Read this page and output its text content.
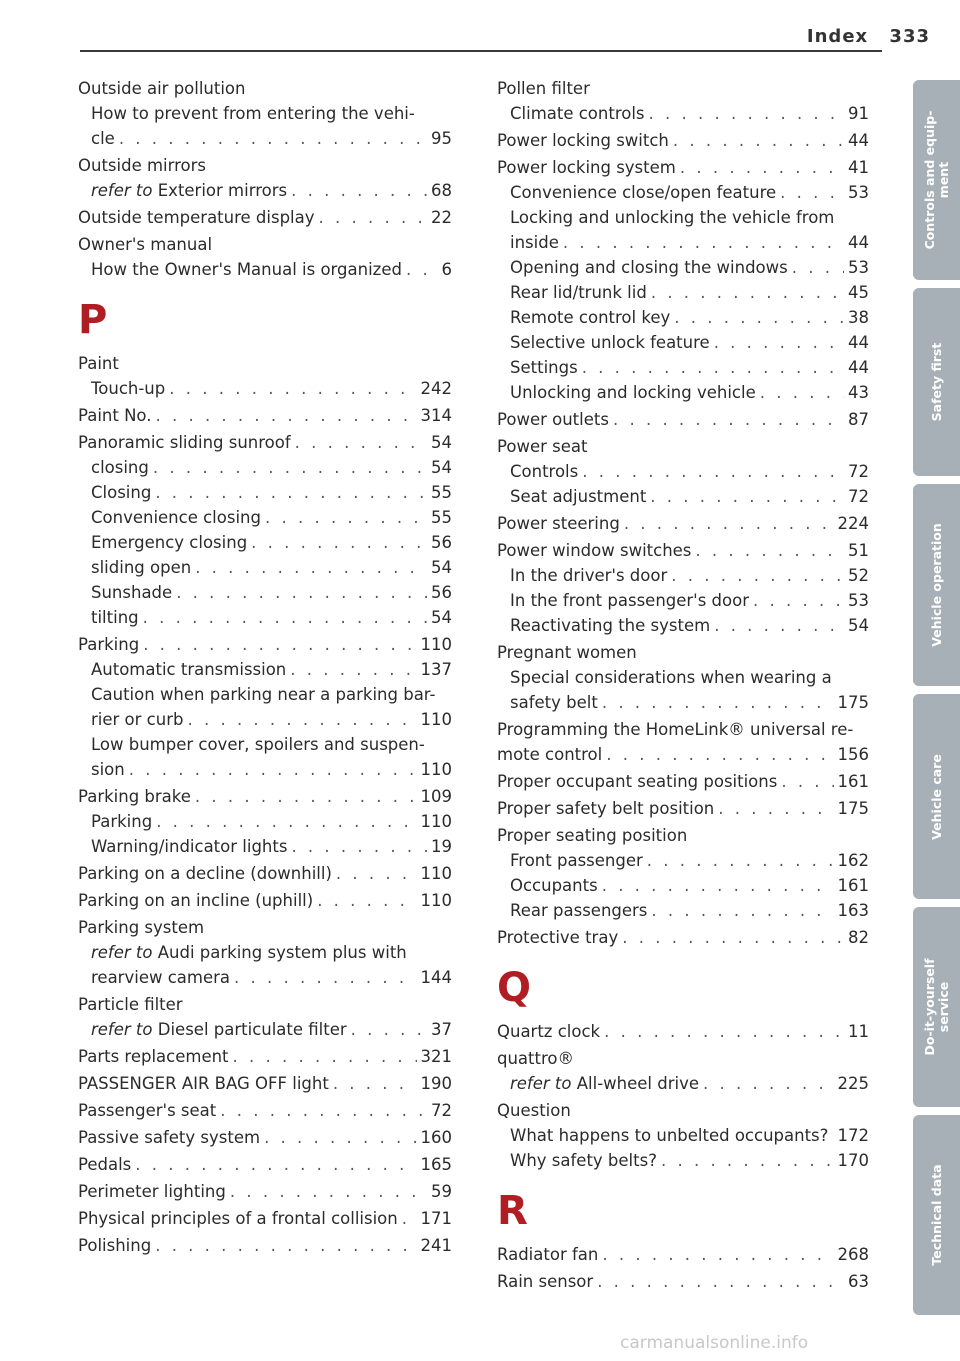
Index 333
Outside air pollution
How to prevent from entering the vehi-
cle . . .	95
Outside mirrors
refer to Exterior mirrors . . .	68
Outside temperature display . . .	22
Owner's manual
How the Owner's Manual is organized . . . 6
P
Paint
Touch-up . . .	242
Paint No. . . .	314
Panoramic sliding sunroof . . .	54
closing . . .	54
Closing . . .	55
Convenience closing . . .	55
Emergency closing . . .	56
sliding open . . .	54
Sunshade . . .	56
tilting . . .	54
Parking . . .	110
Automatic transmission . . .	137
Caution when parking near a parking bar-
rier or curb . . .	110
Low bumper cover, spoilers and suspen-
sion . . .	110
Parking brake . . .	109
Parking . . .	110
Warning/indicator lights . . .	19
Parking on a decline (downhill) . . .	110
Parking on an incline (uphill) . . .	110
Parking system
refer to Audi parking system plus with
rearview camera . . .	144
Particle filter
refer to Diesel particulate filter . . .	37
Parts replacement . . .	321
PASSENGER AIR BAG OFF light . . .	190
Passenger's seat . . .	72
Passive safety system . . .	160
Pedals . . .	165
Perimeter lighting . . .	59
Physical principles of a frontal collision . . . 171
Polishing . . .	241
Pollen filter
Climate controls . . .	91
Power locking switch . . .	44
Power locking system . . .	41
Convenience close/open feature . . .	53
Locking and unlocking the vehicle from
inside . . .	44
Opening and closing the windows . . .	53
Rear lid/trunk lid . . .	45
Remote control key . . .	38
Selective unlock feature . . .	44
Settings . . .	44
Unlocking and locking vehicle . . .	43
Power outlets . . .	87
Power seat
Controls . . .	72
Seat adjustment . . .	72
Power steering . . .	224
Power window switches . . .	51
In the driver's door . . .	52
In the front passenger's door . . .	53
Reactivating the system . . .	54
Pregnant women
Special considerations when wearing a
safety belt . . .	175
Programming the HomeLink® universal re-
mote control . . .	156
Proper occupant seating positions . . .	161
Proper safety belt position . . .	175
Proper seating position
Front passenger . . .	162
Occupants . . .	161
Rear passengers . . .	163
Protective tray . . .	82
Q
Quartz clock . . .	11
quattro®
refer to All-wheel drive . . .	225
Question
What happens to unbelted occupants? . . . 172
Why safety belts? . . .	170
R
Radiator fan . . .	268
Rain sensor . . .	63
Controls and equip-
ment
Safety first
Vehicle operation
Vehicle care
Do-it-yourself
service
Technical data
carmanualsonline.info
